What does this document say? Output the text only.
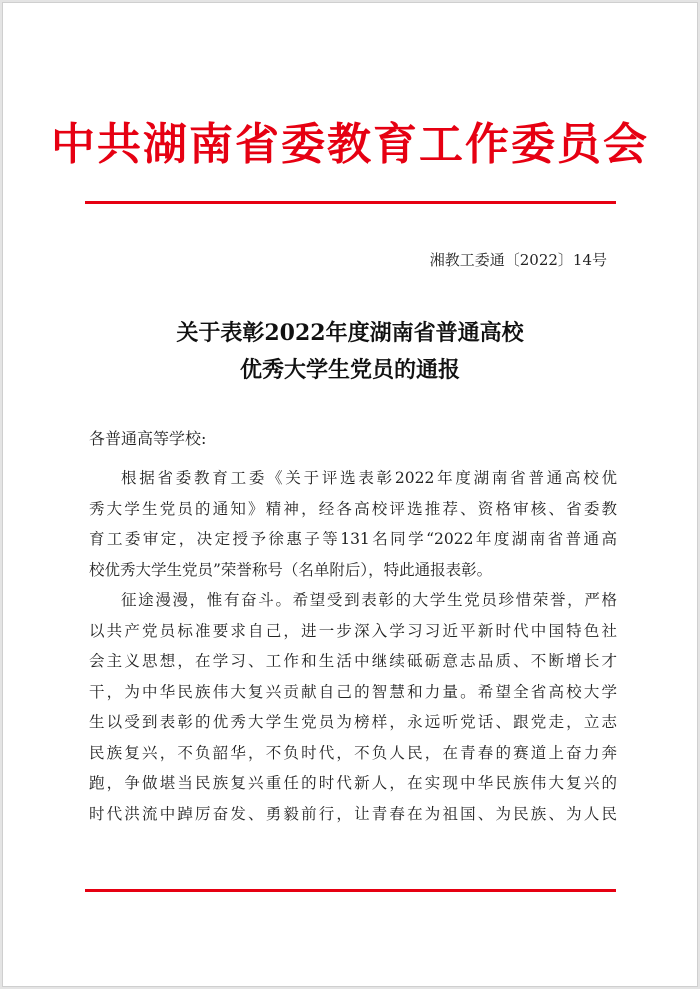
中共湖南省委教育工作委员会
湘教工委通〔2022〕14号
关于表彰2022年度湖南省普通高校
优秀大学生党员的通报
各普通高等学校:
根据省委教育工委《关于评选表彰2022年度湖南省普通高校优
秀大学生党员的通知》精神，经各高校评选推荐、资格审核、省委教
育工委审定，决定授予徐惠子等131名同学“2022年度湖南省普通高
校优秀大学生党员”荣誉称号（名单附后），特此通报表彰。
征途漫漫，惟有奋斗。希望受到表彰的大学生党员珍惜荣誉，严格
以共产党员标准要求自己，进一步深入学习习近平新时代中国特色社
会主义思想，在学习、工作和生活中继续砥砺意志品质、不断增长才
干，为中华民族伟大复兴贡献自己的智慧和力量。希望全省高校大学
生以受到表彰的优秀大学生党员为榜样，永远听党话、跟党走，立志
民族复兴，不负韶华，不负时代，不负人民，在青春的赛道上奋力奔
跑，争做堪当民族复兴重任的时代新人，在实现中华民族伟大复兴的
时代洪流中踔厉奋发、勇毅前行，让青春在为祖国、为民族、为人民
